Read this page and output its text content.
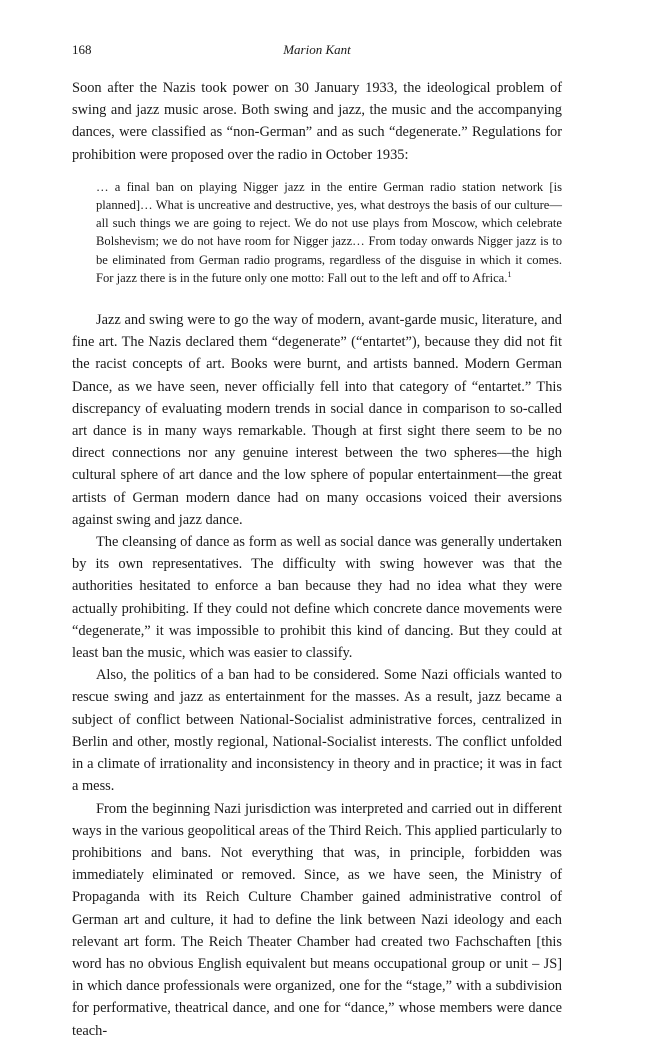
168	Marion Kant

Soon after the Nazis took power on 30 January 1933, the ideological problem of swing and jazz music arose. Both swing and jazz, the music and the accompanying dances, were classified as “non-German” and as such “degenerate.” Regulations for prohibition were proposed over the radio in October 1935:

… a final ban on playing Nigger jazz in the entire German radio station network [is planned]… What is uncreative and destructive, yes, what destroys the basis of our culture—all such things we are going to reject. We do not use plays from Moscow, which celebrate Bolshevism; we do not have room for Nigger jazz… From today onwards Nigger jazz is to be eliminated from German radio programs, regardless of the disguise in which it comes. For jazz there is in the future only one motto: Fall out to the left and off to Africa.$^1$

Jazz and swing were to go the way of modern, avant-garde music, literature, and fine art. The Nazis declared them “degenerate” (“entartet”), because they did not fit the racist concepts of art. Books were burnt, and artists banned. Modern German Dance, as we have seen, never officially fell into that category of “entartet.” This discrepancy of evaluating modern trends in social dance in comparison to so-called art dance is in many ways remarkable. Though at first sight there seem to be no direct connections nor any genuine interest between the two spheres—the high cultural sphere of art dance and the low sphere of popular entertainment—the great artists of German modern dance had on many occasions voiced their aversions against swing and jazz dance.

The cleansing of dance as form as well as social dance was generally undertaken by its own representatives. The difficulty with swing however was that the authorities hesitated to enforce a ban because they had no idea what they were actually prohibiting. If they could not define which concrete dance movements were “degenerate,” it was impossible to prohibit this kind of dancing. But they could at least ban the music, which was easier to classify.

Also, the politics of a ban had to be considered. Some Nazi officials wanted to rescue swing and jazz as entertainment for the masses. As a result, jazz became a subject of conflict between National-Socialist administrative forces, centralized in Berlin and other, mostly regional, National-Socialist interests. The conflict unfolded in a climate of irrationality and inconsistency in theory and in practice; it was in fact a mess.

From the beginning Nazi jurisdiction was interpreted and carried out in different ways in the various geopolitical areas of the Third Reich. This applied particularly to prohibitions and bans. Not everything that was, in principle, forbidden was immediately eliminated or removed. Since, as we have seen, the Ministry of Propaganda with its Reich Culture Chamber gained administrative control of German art and culture, it had to define the link between Nazi ideology and each relevant art form. The Reich Theater Chamber had created two Fachschaften [this word has no obvious English equivalent but means occupational group or unit – JS] in which dance professionals were organized, one for the “stage,” with a subdivision for performative, theatrical dance, and one for “dance,” whose members were dance teach-
